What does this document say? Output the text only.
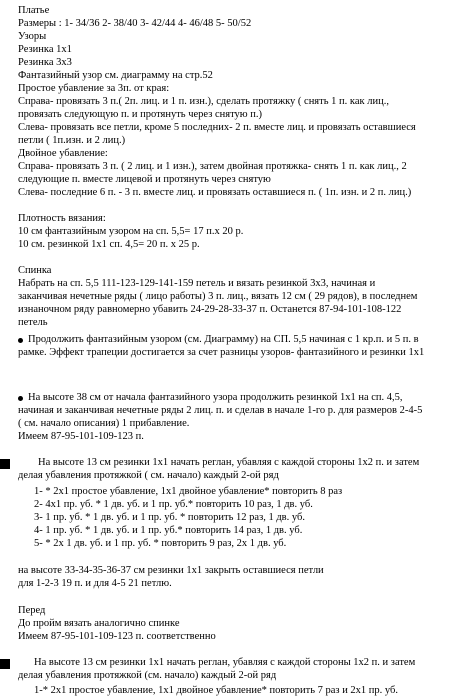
Платье
Размеры : 1- 34/36 2- 38/40 3- 42/44 4- 46/48 5- 50/52
Узоры
Резинка 1х1
Резинка 3х3
Фантазийный узор см. диаграмму на стр.52
Простое убавление за 3п. от края:
Справа- провязать 3 п.( 2п. лиц. и 1 п. изн.), сделать протяжку ( снять 1 п. как лиц.,
провязать следующую п. и протянуть через снятую п.)
Слева- провязать все петли, кроме 5 последних- 2 п. вместе лиц. и провязать оставшиеся
петли ( 1п.изн. и 2 лиц.)
Двойное убавление:
Справа- провязать 3 п. ( 2 лиц. и 1 изн.), затем двойная протяжка- снять 1 п. как лиц., 2
следующие п. вместе лицевой и протянуть через снятую
Слева- последние 6 п. - 3 п. вместе лиц. и провязать оставшиеся п. ( 1п. изн. и 2 п. лиц.)
Плотность вязания:
10 см фантазийным узором на сп. 5,5= 17 п.х 20 р.
10 см. резинкой 1х1 сп. 4,5= 20 п. х 25 р.
Спинка
Набрать на сп. 5,5 111-123-129-141-159 петель и вязать резинкой 3х3, начиная и
заканчивая нечетные ряды ( лицо работы) 3 п. лиц., вязать 12 см ( 29 рядов), в последнем
изнаночном ряду равномерно убавить 24-29-28-33-37 п. Останется 87-94-101-108-122
петель
Продолжить фантазийным узором (см. Диаграмму) на СП. 5,5 начиная с 1 кр.п. и 5 п. в
рамке. Эффект трапеции достигается за счет разницы узоров- фантазийного и резинки 1х1
На высоте 38 см от начала фантазийного узора продолжить резинкой 1х1 на сп. 4,5,
начиная и заканчивая нечетные ряды 2 лиц. п. и сделав в начале 1-го р. для размеров 2-4-5
( см. начало описания) 1 прибавление.
Имеем 87-95-101-109-123 п.
На высоте 13 см резинки 1х1 начать реглан, убавляя с каждой стороны 1х2 п. и затем
делая убавления протяжкой ( см. начало) каждый 2-ой ряд
1- * 2х1 простое убавление, 1х1 двойное убавление* повторить 8 раз
2- 4х1 пр. уб. * 1 дв. уб. и 1 пр. уб.* повторить 10 раз, 1 дв. уб.
3- 1 пр. уб. * 1 дв. уб. и 1 пр. уб. * повторить 12 раз, 1 дв. уб.
4- 1 пр. уб. * 1 дв. уб. и 1 пр. уб.* повторить 14 раз, 1 дв. уб.
5- * 2х 1 дв. уб. и 1 пр. уб. * повторить 9 раз, 2х 1 дв. уб.
на высоте 33-34-35-36-37 см резинки 1х1 закрыть оставшиеся петли
для 1-2-3 19 п. и для 4-5 21 петлю.
Перед
До пройм вязать аналогично спинке
Имеем 87-95-101-109-123 п. соответственно
На высоте 13 см резинки 1х1 начать реглан, убавляя с каждой стороны 1х2 п. и затем
делая убавления протяжкой (см. начало) каждый 2-ой ряд
1-* 2х1 простое убавление, 1х1 двойное убавление* повторить 7 раз и 2х1 пр. уб.
